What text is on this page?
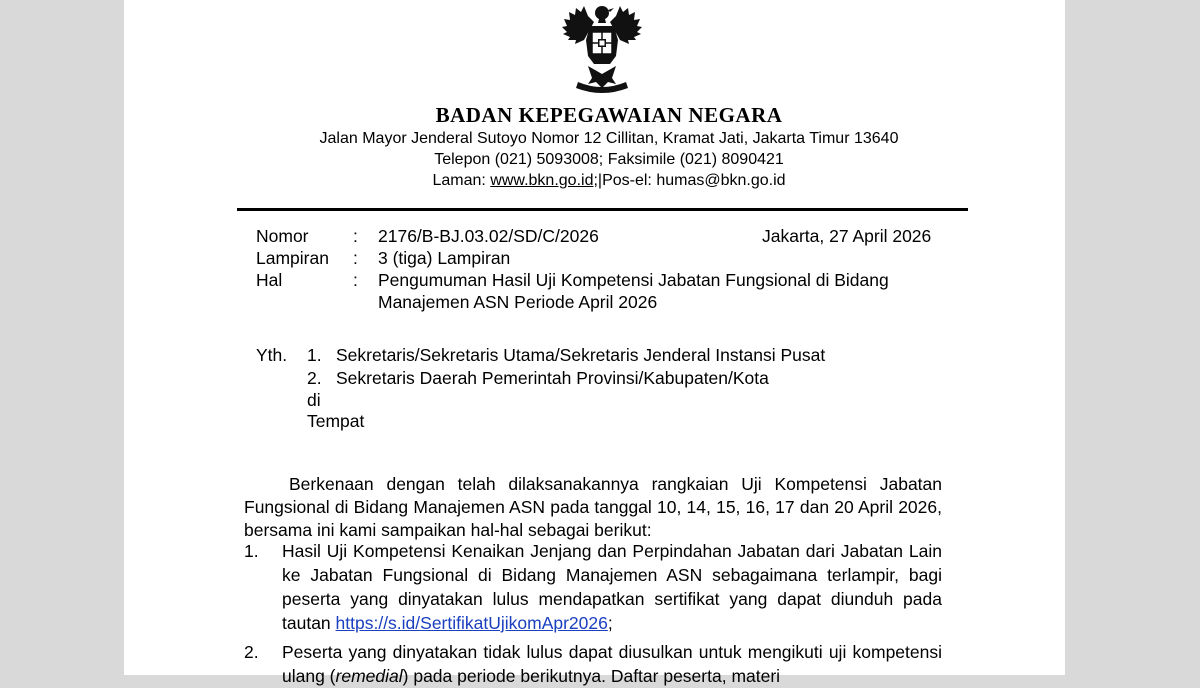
BADAN KEPEGAWAIAN NEGARA
Jalan Mayor Jenderal Sutoyo Nomor 12 Cillitan, Kramat Jati, Jakarta Timur 13640
Telepon (021) 5093008; Faksimile (021) 8090421
Laman: www.bkn.go.id;|Pos-el: humas@bkn.go.id
Nomor	:	2176/B-BJ.03.02/SD/C/2026
Lampiran	:	3 (tiga) Lampiran
Hal	:	Pengumuman Hasil Uji Kompetensi Jabatan Fungsional di Bidang Manajemen ASN Periode April 2026
Jakarta, 27 April 2026
Yth. 1. Sekretaris/Sekretaris Utama/Sekretaris Jenderal Instansi Pusat
2. Sekretaris Daerah Pemerintah Provinsi/Kabupaten/Kota
di
Tempat
Berkenaan dengan telah dilaksanakannya rangkaian Uji Kompetensi Jabatan Fungsional di Bidang Manajemen ASN pada tanggal 10, 14, 15, 16, 17 dan 20 April 2026, bersama ini kami sampaikan hal-hal sebagai berikut:
1.	Hasil Uji Kompetensi Kenaikan Jenjang dan Perpindahan Jabatan dari Jabatan Lain ke Jabatan Fungsional di Bidang Manajemen ASN sebagaimana terlampir, bagi peserta yang dinyatakan lulus mendapatkan sertifikat yang dapat diunduh pada tautan https://s.id/SertifikatUjikomApr2026;
2.	Peserta yang dinyatakan tidak lulus dapat diusulkan untuk mengikuti uji kompetensi ulang (remedial) pada periode berikutnya. Daftar peserta, materi
